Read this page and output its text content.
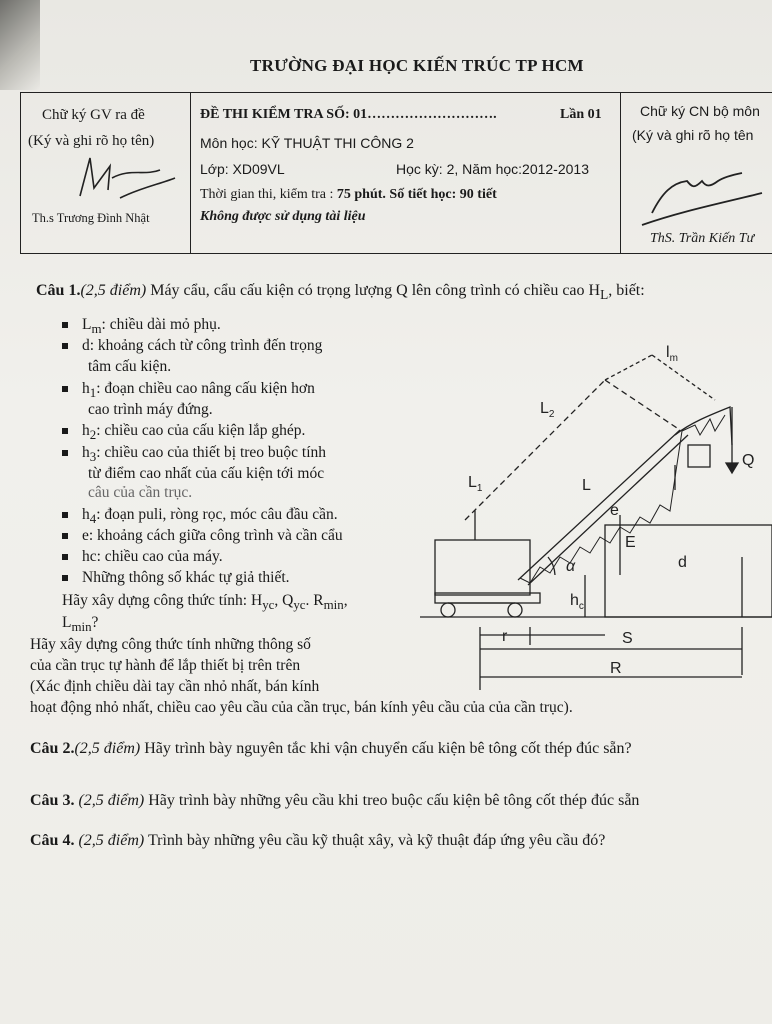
TRƯỜNG ĐẠI HỌC KIẾN TRÚC TP HCM
Chữ ký GV ra đề
(Ký và ghi rõ họ tên)
Th.s Trương Đình Nhật
ĐỀ THI KIỂM TRA SỐ: 01……………………….	Lần 01
Môn học: KỸ THUẬT THI CÔNG 2
Lớp: XD09VL	Học kỳ: 2, Năm học:2012-2013
Thời gian thi, kiểm tra : 75 phút. Số tiết học: 90 tiết
Không được sử dụng tài liệu
Chữ ký CN bộ môn
(Ký và ghi rõ họ tên
ThS. Trần Kiến Tư
Câu 1.(2,5 điểm) Máy cẩu, cẩu cấu kiện có trọng lượng Q lên công trình có chiều cao $H_L$, biết:
$L_m$: chiều dài mỏ phụ.
d: khoảng cách từ công trình đến trọng
tâm cấu kiện.
$h_1$: đoạn chiều cao nâng cấu kiện hơn
cao trình máy đứng.
$h_2$: chiều cao của cấu kiện lắp ghép.
$h_3$: chiều cao của thiết bị treo buộc tính
từ điểm cao nhất của cấu kiện tới móc
câu của cần trục.
$h_4$: đoạn puli, ròng rọc, móc câu đầu cần.
e: khoảng cách giữa công trình và cần cẩu
hc: chiều cao của máy.
Những thông số khác tự giả thiết.
Hãy xây dựng công thức tính: $H_{yc}$, $Q_{yc}$. $R_{min}$,
$L_{min}$?
Hãy xây dựng công thức tính những thông số
của cần trục tự hành để lắp thiết bị trên trên
(Xác định chiều dài tay cần nhỏ nhất, bán kính
hoạt động nhỏ nhất, chiều cao yêu cầu của cần trục, bán kính yêu cầu của của cần trục).
$l_m$
$L_2$
$L_1$	L
Q
e
E
d
α
$h_c$
r	S
R
Câu 2.(2,5 điểm) Hãy trình bày nguyên tắc khi vận chuyển cấu kiện bê tông cốt thép đúc sẵn?
Câu 3. (2,5 điểm) Hãy trình bày những yêu cầu khi treo buộc cấu kiện bê tông cốt thép đúc sẵn
Câu 4. (2,5 điểm) Trình bày những yêu cầu kỹ thuật xây, và kỹ thuật đáp ứng yêu cầu đó?
